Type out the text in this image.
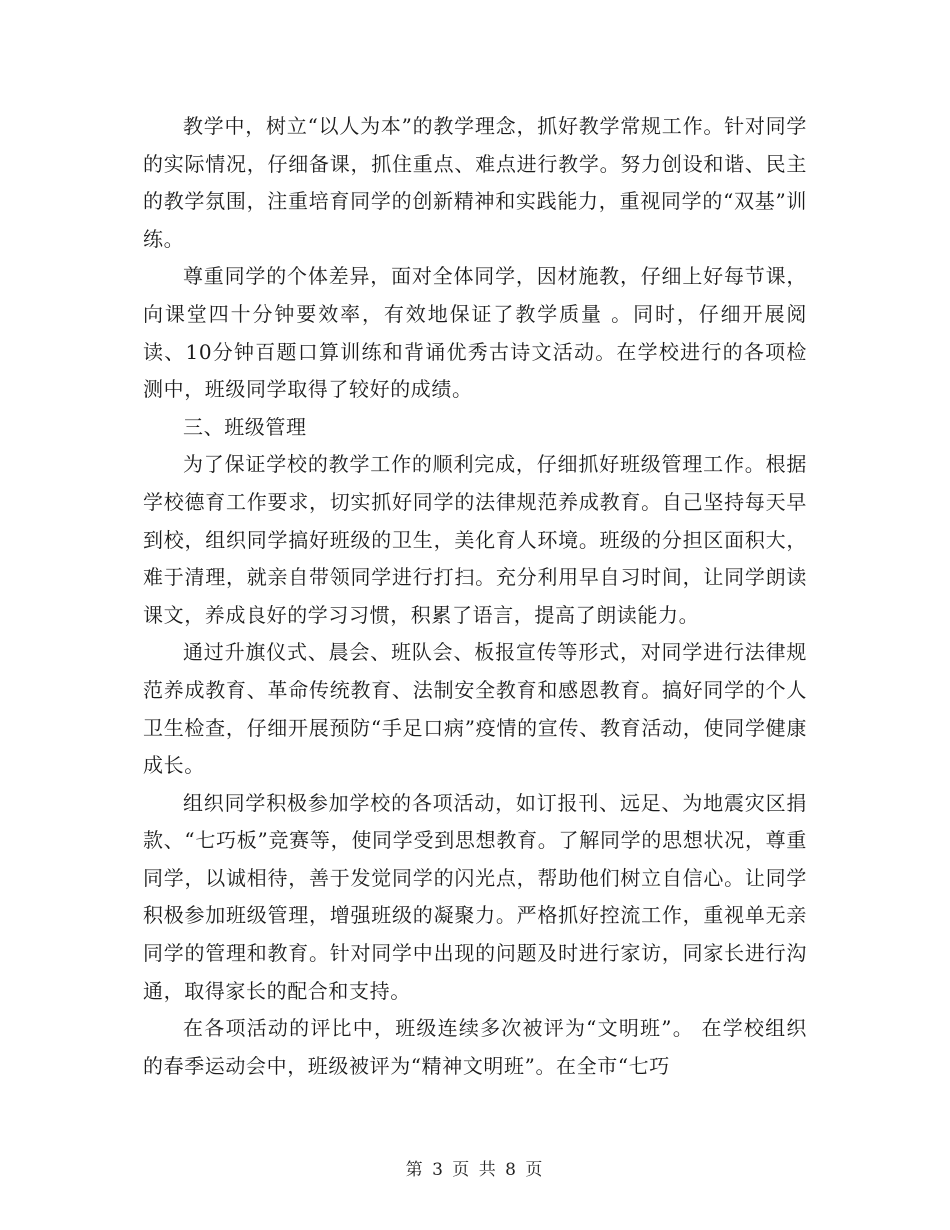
教学中，树立“以人为本”的教学理念，抓好教学常规工作。针对同学的实际情况，仔细备课，抓住重点、难点进行教学。努力创设和谐、民主的教学氛围，注重培育同学的创新精神和实践能力，重视同学的“双基”训练。

尊重同学的个体差异，面对全体同学，因材施教，仔细上好每节课，向课堂四十分钟要效率，有效地保证了教学质量 。同时，仔细开展阅读、10分钟百题口算训练和背诵优秀古诗文活动。在学校进行的各项检测中，班级同学取得了较好的成绩。

三、班级管理

为了保证学校的教学工作的顺利完成，仔细抓好班级管理工作。根据学校德育工作要求，切实抓好同学的法律规范养成教育。自己坚持每天早到校，组织同学搞好班级的卫生，美化育人环境。班级的分担区面积大，难于清理，就亲自带领同学进行打扫。充分利用早自习时间，让同学朗读课文，养成良好的学习习惯，积累了语言，提高了朗读能力。

通过升旗仪式、晨会、班队会、板报宣传等形式，对同学进行法律规范养成教育、革命传统教育、法制安全教育和感恩教育。搞好同学的个人卫生检查，仔细开展预防“手足口病”疫情的宣传、教育活动，使同学健康成长。

组织同学积极参加学校的各项活动，如订报刊、远足、为地震灾区捐款、“七巧板”竞赛等，使同学受到思想教育。了解同学的思想状况，尊重同学，以诚相待，善于发觉同学的闪光点，帮助他们树立自信心。让同学积极参加班级管理，增强班级的凝聚力。严格抓好控流工作，重视单无亲同学的管理和教育。针对同学中出现的问题及时进行家访，同家长进行沟通，取得家长的配合和支持。

在各项活动的评比中，班级连续多次被评为“文明班”。 在学校组织的春季运动会中，班级被评为“精神文明班”。在全市“七巧

第 3 页 共 8 页
